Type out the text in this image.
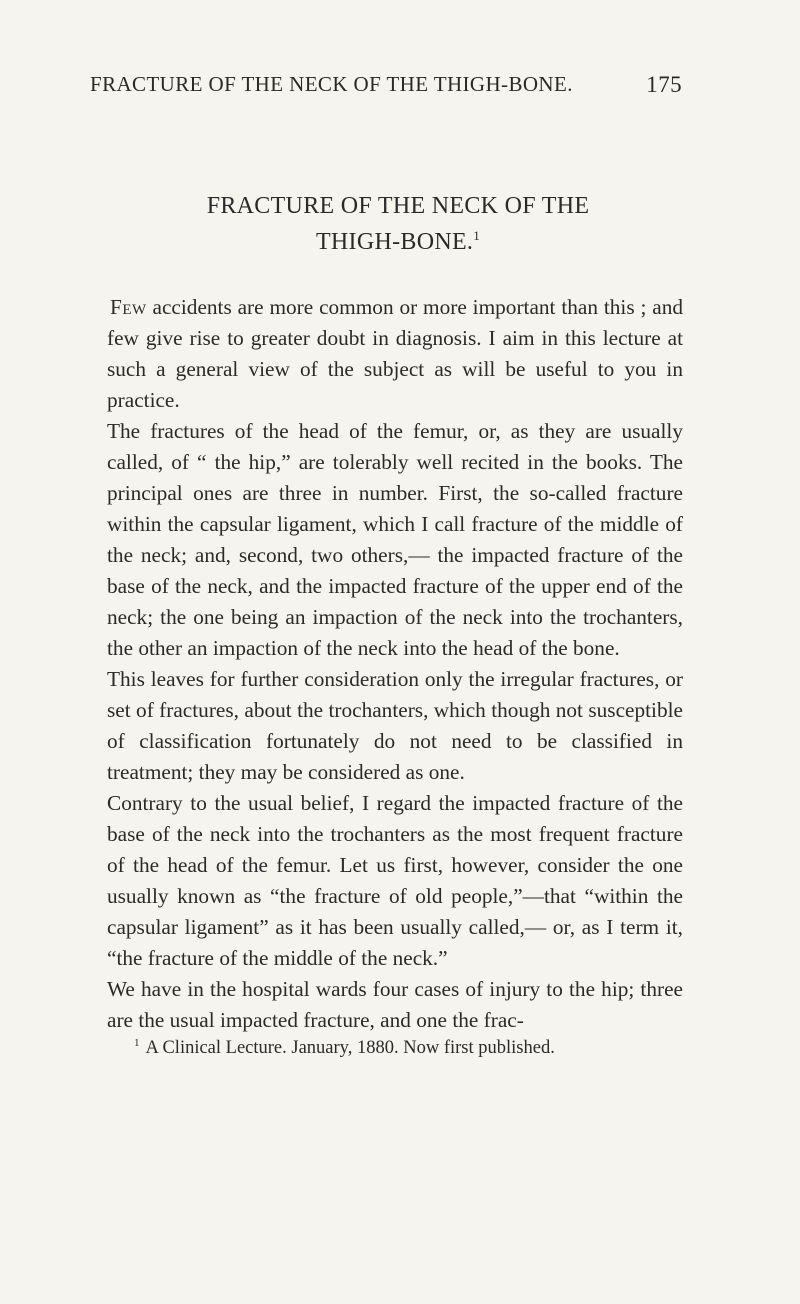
FRACTURE OF THE NECK OF THE THIGH-BONE.	175
FRACTURE OF THE NECK OF THE
THIGH-BONE.$^1$

Few accidents are more common or more important than this ; and few give rise to greater doubt in diagnosis. I aim in this lecture at such a general view of the subject as will be useful to you in practice.

The fractures of the head of the femur, or, as they are usually called, of “ the hip,” are tolerably well recited in the books. The principal ones are three in number. First, the so-called fracture within the capsular ligament, which I call fracture of the middle of the neck; and, second, two others,— the impacted fracture of the base of the neck, and the impacted fracture of the upper end of the neck; the one being an impaction of the neck into the trochanters, the other an impaction of the neck into the head of the bone.

This leaves for further consideration only the irregular fractures, or set of fractures, about the trochanters, which though not susceptible of classification fortunately do not need to be classified in treatment; they may be considered as one.

Contrary to the usual belief, I regard the impacted fracture of the base of the neck into the trochanters as the most frequent fracture of the head of the femur. Let us first, however, consider the one usually known as “the fracture of old people,”—that “within the capsular ligament” as it has been usually called,— or, as I term it, “the fracture of the middle of the neck.”

We have in the hospital wards four cases of injury to the hip; three are the usual impacted fracture, and one the frac-

$^1$ A Clinical Lecture. January, 1880. Now first published.
